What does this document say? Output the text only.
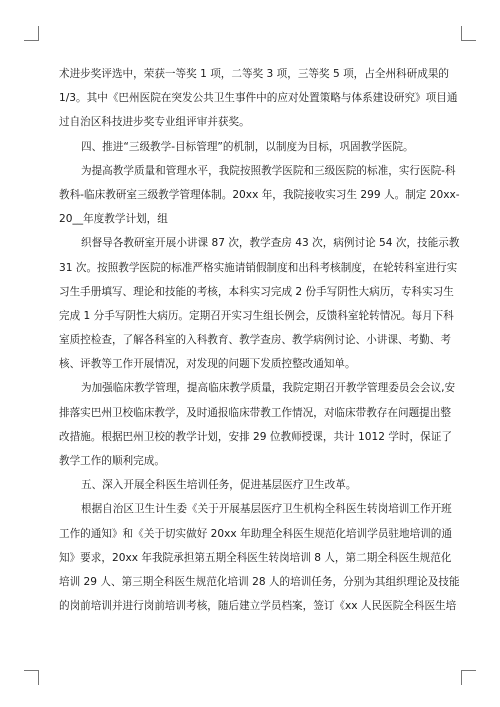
术进步奖评选中，荣获一等奖 1 项，二等奖 3 项，三等奖 5 项，占全州科研成果的
1/3。其中《巴州医院在突发公共卫生事件中的应对处置策略与体系建设研究》项目通
过自治区科技进步奖专业组评审并获奖。
四、推进“三级教学-目标管理”的机制，以制度为目标，巩固教学医院。
为提高教学质量和管理水平，我院按照教学医院和三级医院的标准，实行医院-科
教科-临床教研室三级教学管理体制。20xx 年，我院接收实习生 299 人。制定 20xx-
20__年度教学计划，组
织督导各教研室开展小讲课 87 次，教学查房 43 次，病例讨论 54 次，技能示教
31 次。按照教学医院的标准严格实施请销假制度和出科考核制度，在轮转科室进行实
习生手册填写、理论和技能的考核，本科实习完成 2 份手写阴性大病历，专科实习生
完成 1 分手写阴性大病历。定期召开实习生组长例会，反馈科室轮转情况。每月下科
室质控检查，了解各科室的入科教育、教学查房、教学病例讨论、小讲课、考勤、考
核、评教等工作开展情况，对发现的问题下发质控整改通知单。
为加强临床教学管理，提高临床教学质量，我院定期召开教学管理委员会会议,安
排落实巴州卫校临床教学，及时通报临床带教工作情况，对临床带教存在问题提出整
改措施。根据巴州卫校的教学计划，安排 29 位教师授课，共计 1012 学时，保证了
教学工作的顺利完成。
五、深入开展全科医生培训任务，促进基层医疗卫生改革。
根据自治区卫生计生委《关于开展基层医疗卫生机构全科医生转岗培训工作开班
工作的通知》和《关于切实做好 20xx 年助理全科医生规范化培训学员驻地培训的通
知》要求，20xx 年我院承担第五期全科医生转岗培训 8 人，第二期全科医生规范化
培训 29 人、第三期全科医生规范化培训 28 人的培训任务，分别为其组织理论及技能
的岗前培训并进行岗前培训考核，随后建立学员档案，签订《xx 人民医院全科医生培
